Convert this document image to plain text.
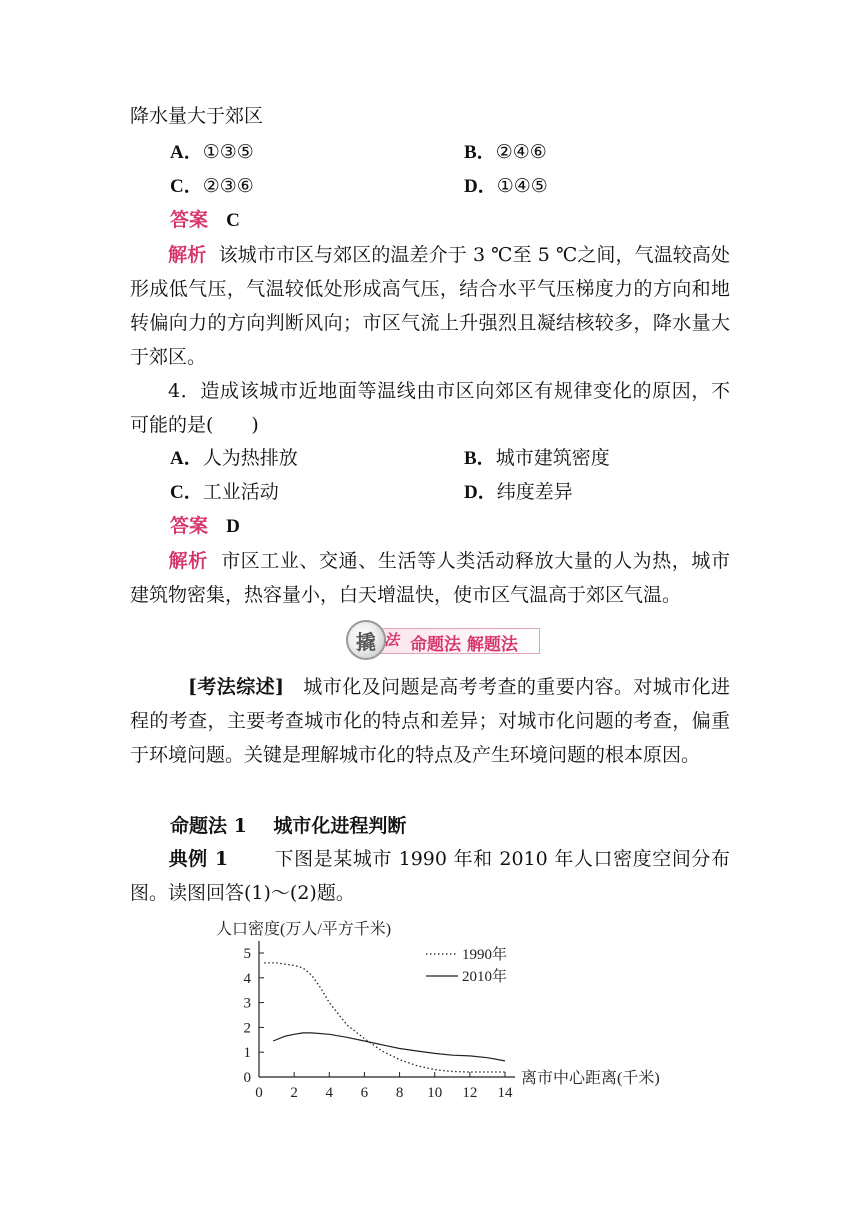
降水量大于郊区
A．①③⑤	B．②④⑥
C．②③⑥	D．①④⑤
答案 C
解析 该城市市区与郊区的温差介于 3 ℃至 5 ℃之间，气温较高处形成低气压，气温较低处形成高气压，结合水平气压梯度力的方向和地转偏向力的方向判断风向；市区气流上升强烈且凝结核较多，降水量大于郊区。
4．造成该城市近地面等温线由市区向郊区有规律变化的原因，不可能的是(　　)
A．人为热排放	B．城市建筑密度
C．工业活动	D．纬度差异
答案 D
解析 市区工业、交通、生活等人类活动释放大量的人为热，城市建筑物密集，热容量小，白天增温快，使市区气温高于郊区气温。
撬 法 命题法 解题法
[考法综述] 城市化及问题是高考考查的重要内容。对城市化进程的考查，主要考查城市化的特点和差异；对城市化问题的考查，偏重于环境问题。关键是理解城市化的特点及产生环境问题的根本原因。
命题法 1 城市化进程判断
典例 1 下图是某城市 1990 年和 2010 年人口密度空间分布图。读图回答(1)～(2)题。
人口密度(万人/平方千米)
离市中心距离(千米)
0
1
2
3
4
5
0 2 4 6 8 10 12 14
1990年
2010年
